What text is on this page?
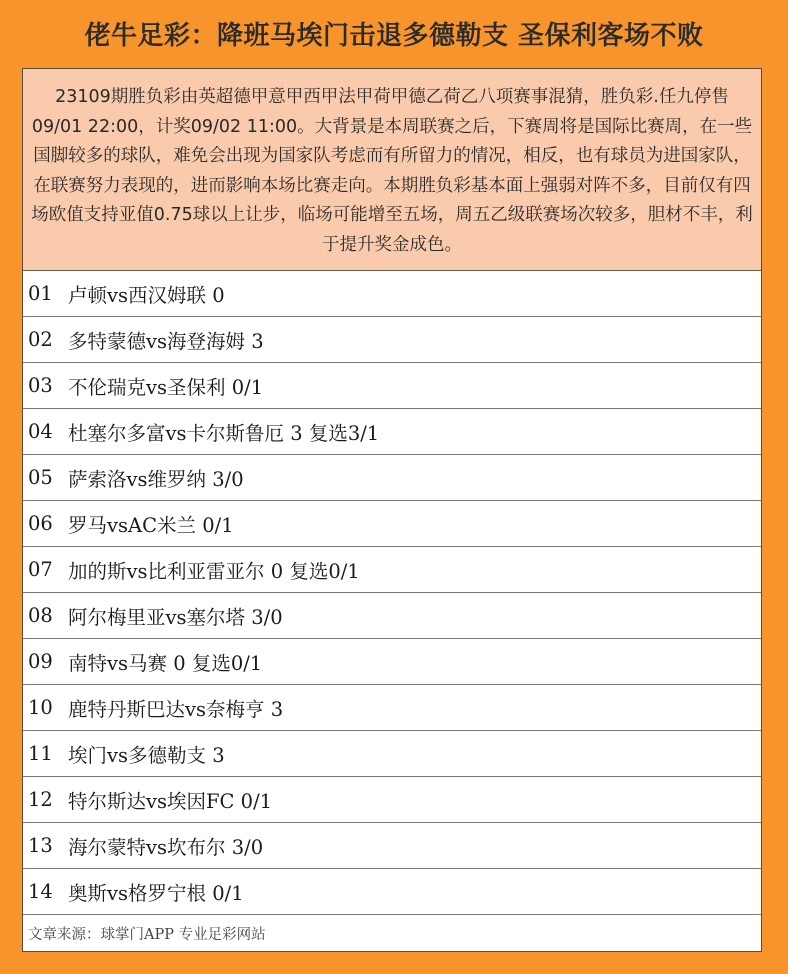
佬牛足彩：降班马埃门击退多德勒支 圣保利客场不败
23109期胜负彩由英超德甲意甲西甲法甲荷甲德乙荷乙八项赛事混猜，胜负彩.任九停售09/01 22:00，计奖09/02 11:00。大背景是本周联赛之后，下赛周将是国际比赛周，在一些国脚较多的球队，难免会出现为国家队考虑而有所留力的情况，相反，也有球员为进国家队，在联赛努力表现的，进而影响本场比赛走向。本期胜负彩基本面上强弱对阵不多，目前仅有四场欧值支持亚值0.75球以上让步，临场可能增至五场，周五乙级联赛场次较多，胆材不丰，利于提升奖金成色。
01 卢顿vs西汉姆联 0
02 多特蒙德vs海登海姆 3
03 不伦瑞克vs圣保利 0/1
04 杜塞尔多富vs卡尔斯鲁厄 3 复选3/1
05 萨索洛vs维罗纳 3/0
06 罗马vsAC米兰 0/1
07 加的斯vs比利亚雷亚尔 0 复选0/1
08 阿尔梅里亚vs塞尔塔 3/0
09 南特vs马赛 0 复选0/1
10 鹿特丹斯巴达vs奈梅亨 3
11 埃门vs多德勒支 3
12 特尔斯达vs埃因FC 0/1
13 海尔蒙特vs坎布尔 3/0
14 奥斯vs格罗宁根 0/1
文章来源：球掌门APP 专业足彩网站
